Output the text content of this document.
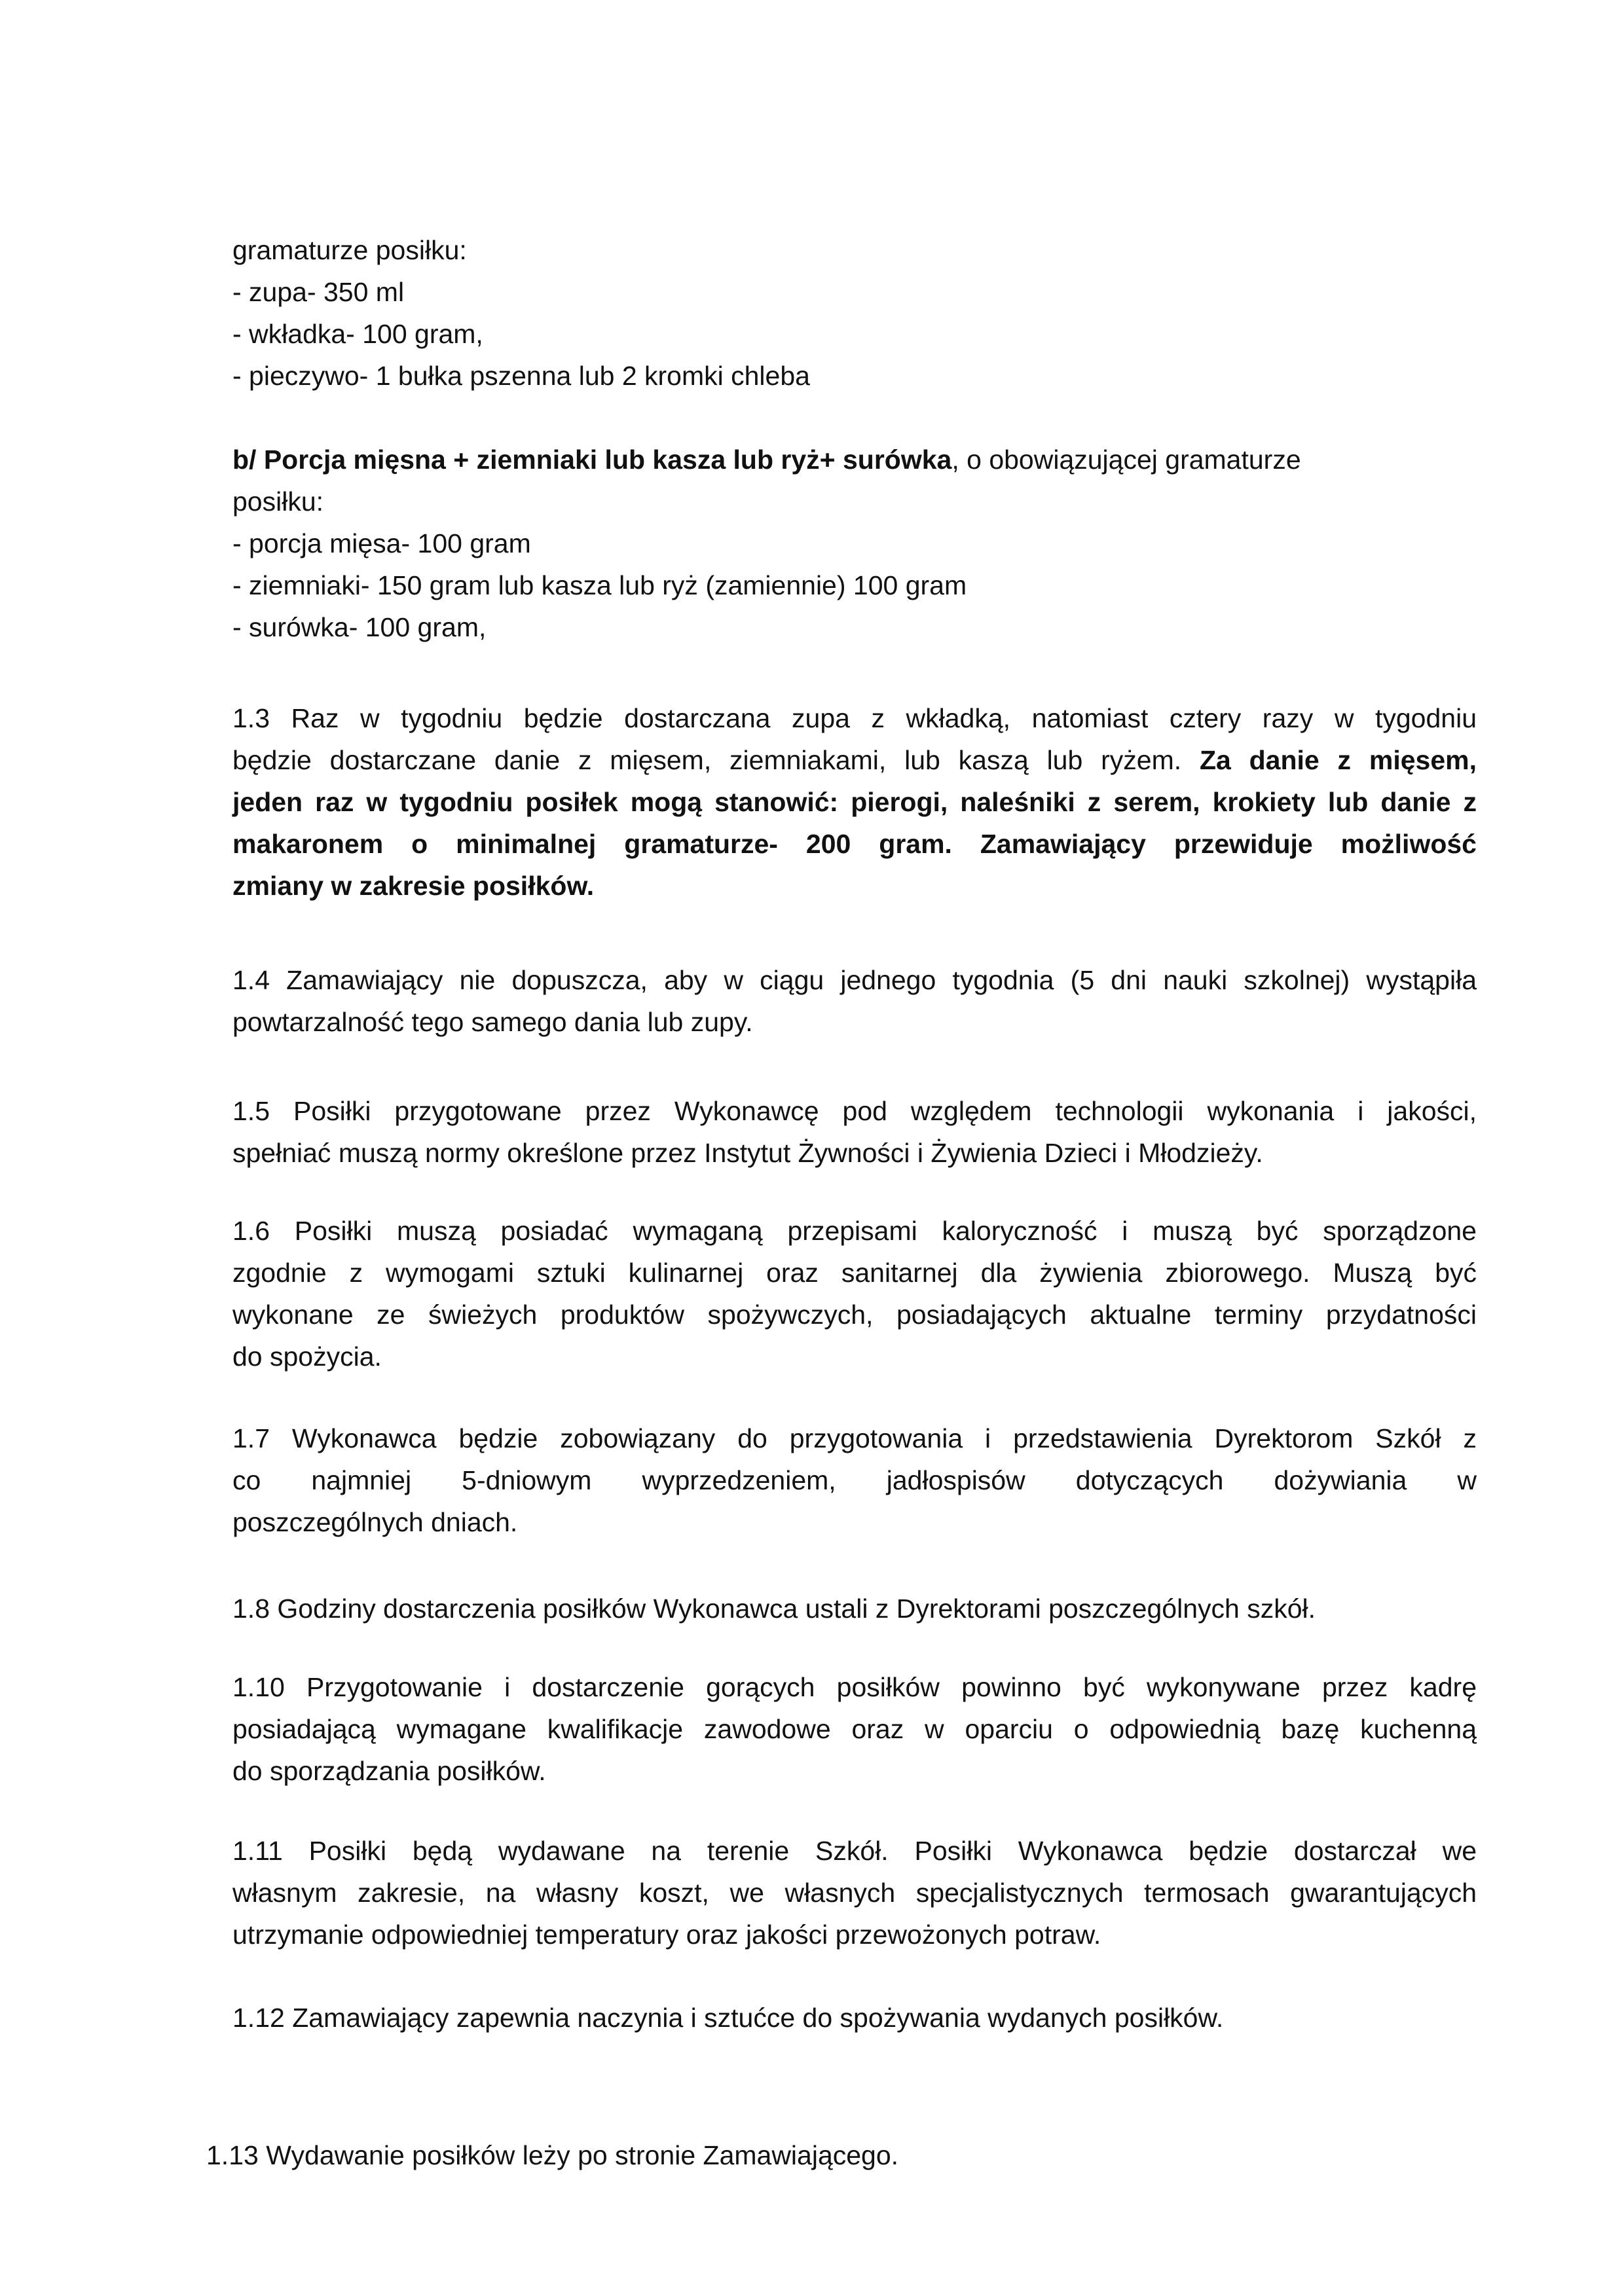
gramaturze posiłku:
- zupa- 350 ml
- wkładka- 100 gram,
- pieczywo- 1 bułka pszenna lub 2 kromki chleba
b/ Porcja mięsna + ziemniaki lub kasza lub ryż+ surówka, o obowiązującej gramaturze
posiłku:
- porcja mięsa- 100 gram
- ziemniaki- 150 gram lub kasza lub ryż (zamiennie) 100 gram
- surówka- 100 gram,
1.3 Raz w tygodniu będzie dostarczana zupa z wkładką, natomiast cztery razy w tygodniu
będzie dostarczane danie z mięsem, ziemniakami, lub kaszą lub ryżem. Za danie z mięsem,
jeden raz w tygodniu posiłek mogą stanowić: pierogi, naleśniki z serem, krokiety lub danie z
makaronem o minimalnej gramaturze- 200 gram. Zamawiający przewiduje możliwość
zmiany w zakresie posiłków.
1.4 Zamawiający nie dopuszcza, aby w ciągu jednego tygodnia (5 dni nauki szkolnej) wystąpiła
powtarzalność tego samego dania lub zupy.
1.5 Posiłki przygotowane przez Wykonawcę pod względem technologii wykonania i jakości,
spełniać muszą normy określone przez Instytut Żywności i Żywienia Dzieci i Młodzieży.
1.6 Posiłki muszą posiadać wymaganą przepisami kaloryczność i muszą być sporządzone
zgodnie z wymogami sztuki kulinarnej oraz sanitarnej dla żywienia zbiorowego. Muszą być
wykonane ze świeżych produktów spożywczych, posiadających aktualne terminy przydatności
do spożycia.
1.7 Wykonawca będzie zobowiązany do przygotowania i przedstawienia Dyrektorom Szkół z
co najmniej 5-dniowym wyprzedzeniem, jadłospisów dotyczących dożywiania w
poszczególnych dniach.
1.8 Godziny dostarczenia posiłków Wykonawca ustali z Dyrektorami poszczególnych szkół.
1.10 Przygotowanie i dostarczenie gorących posiłków powinno być wykonywane przez kadrę
posiadającą wymagane kwalifikacje zawodowe oraz w oparciu o odpowiednią bazę kuchenną
do sporządzania posiłków.
1.11 Posiłki będą wydawane na terenie Szkół. Posiłki Wykonawca będzie dostarczał we
własnym zakresie, na własny koszt, we własnych specjalistycznych termosach gwarantujących
utrzymanie odpowiedniej temperatury oraz jakości przewożonych potraw.
1.12 Zamawiający zapewnia naczynia i sztućce do spożywania wydanych posiłków.
1.13 Wydawanie posiłków leży po stronie Zamawiającego.
